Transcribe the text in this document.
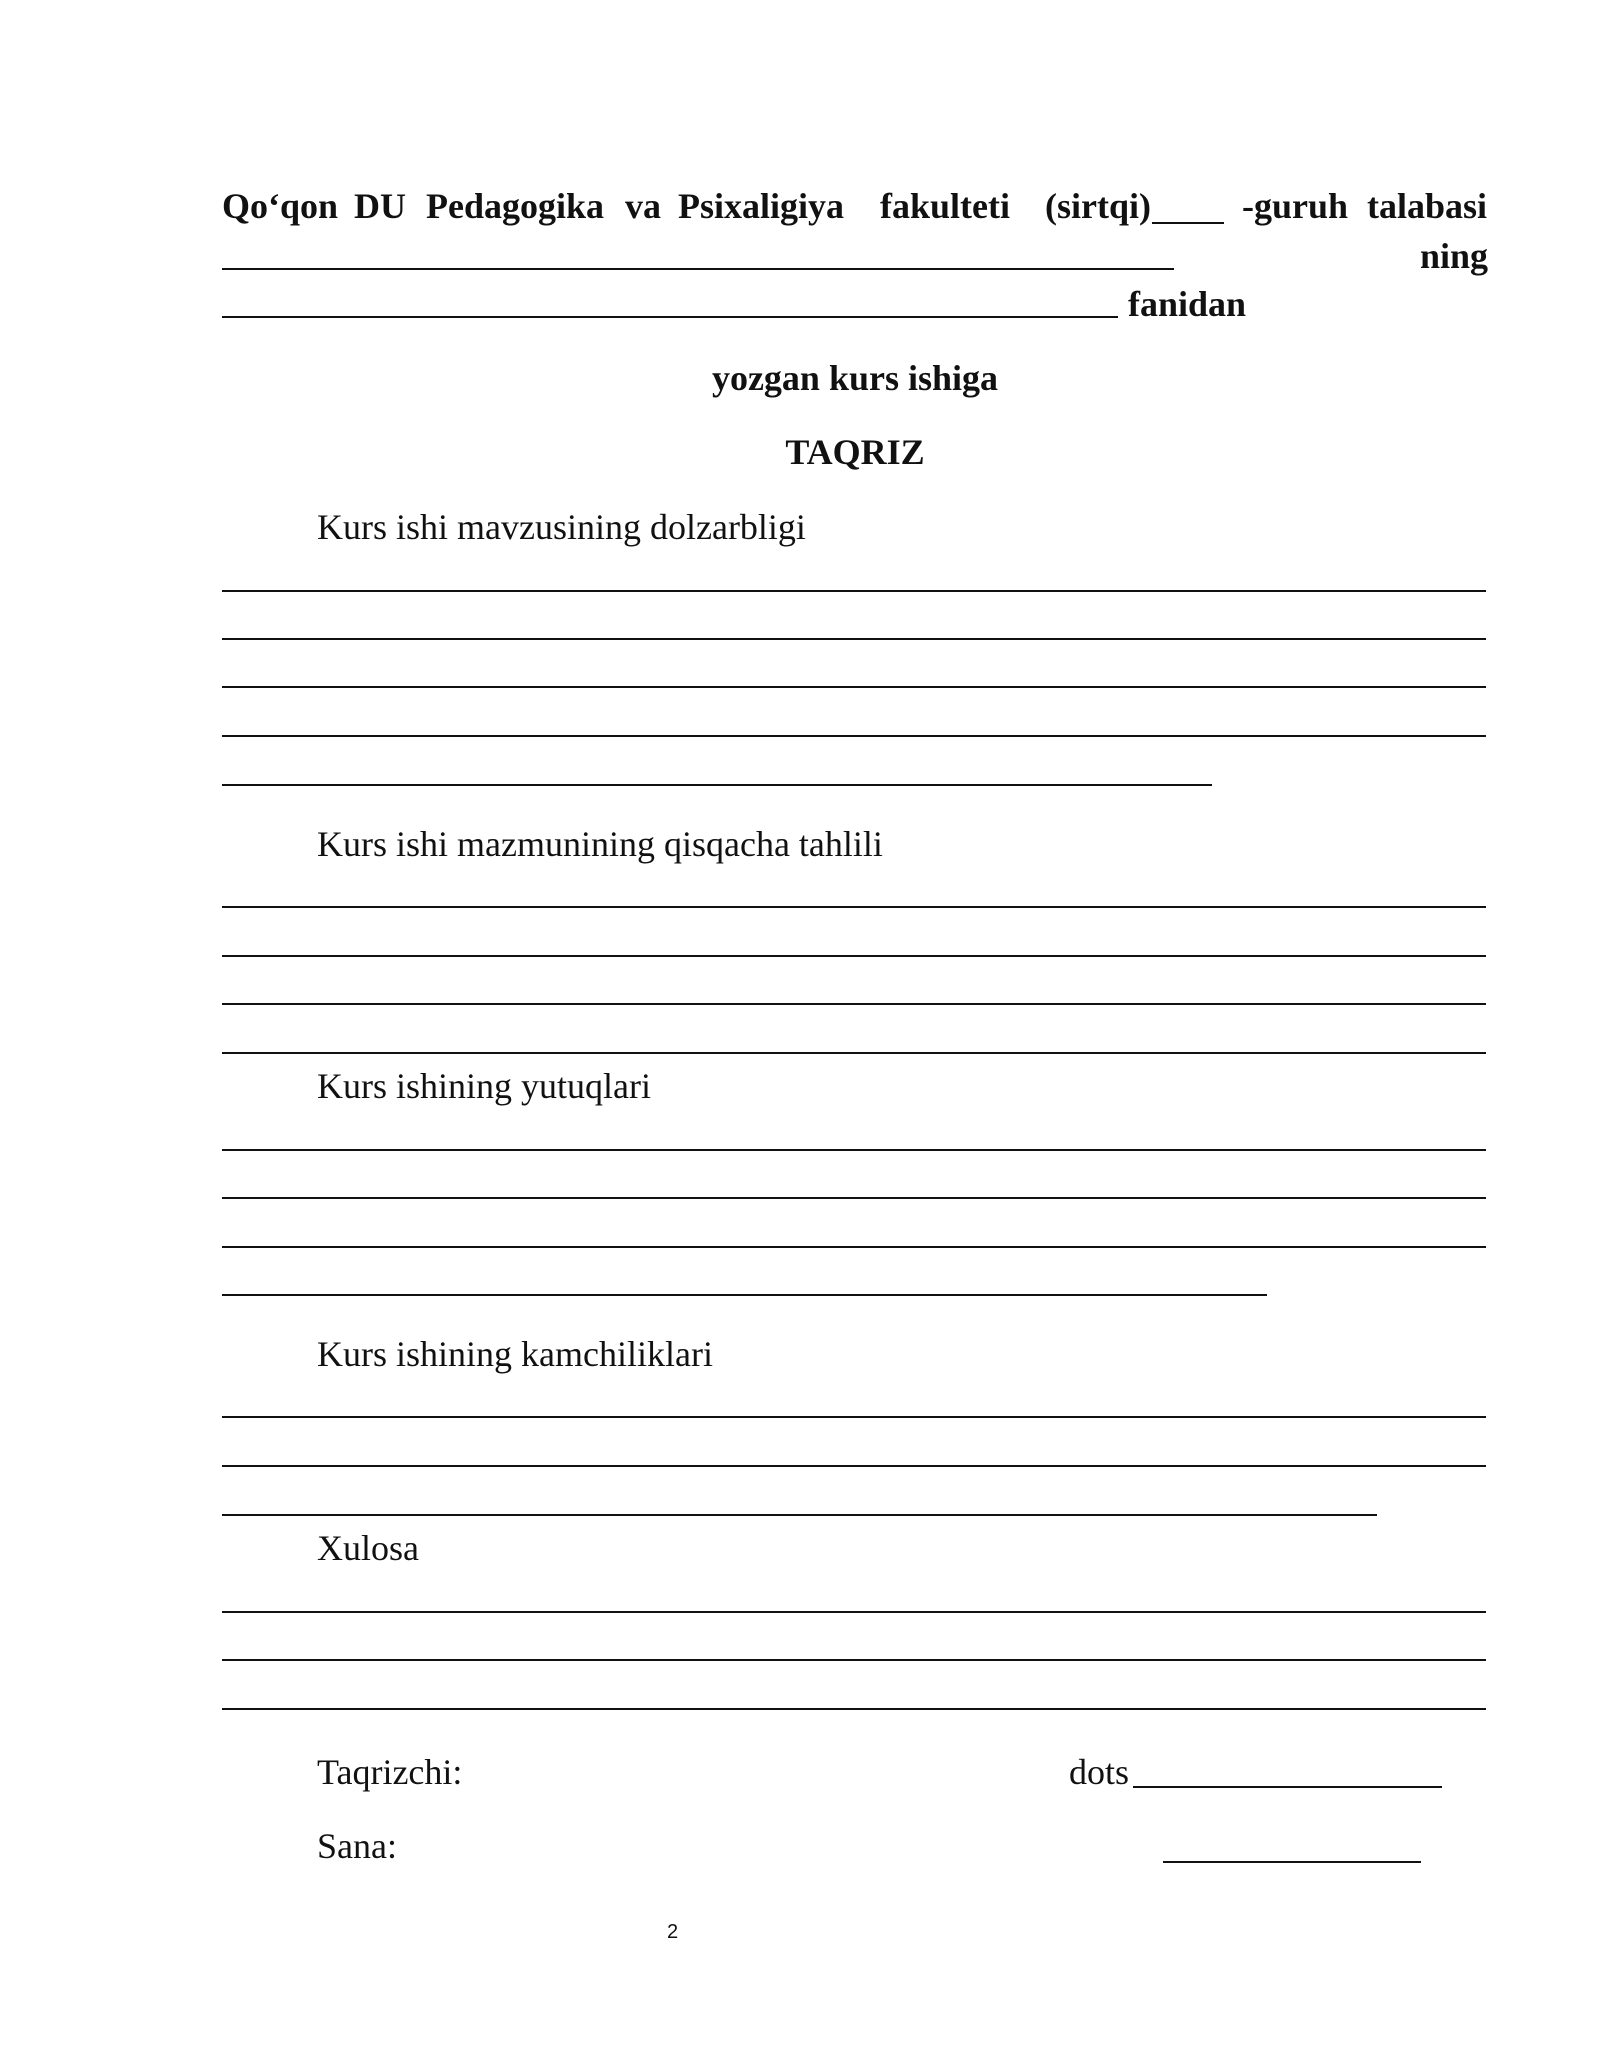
Qo‘qon DU Pedagogika va Psixaligiya fakulteti (sirtqi)	-guruh talabasi
ning
fanidan
yozgan kurs ishiga
TAQRIZ
Kurs ishi mavzusining dolzarbligi
Kurs ishi mazmunining qisqacha tahlili
Kurs ishining yutuqlari
Kurs ishining kamchiliklari
Xulosa
Taqrizchi:	dots
Sana:
2
